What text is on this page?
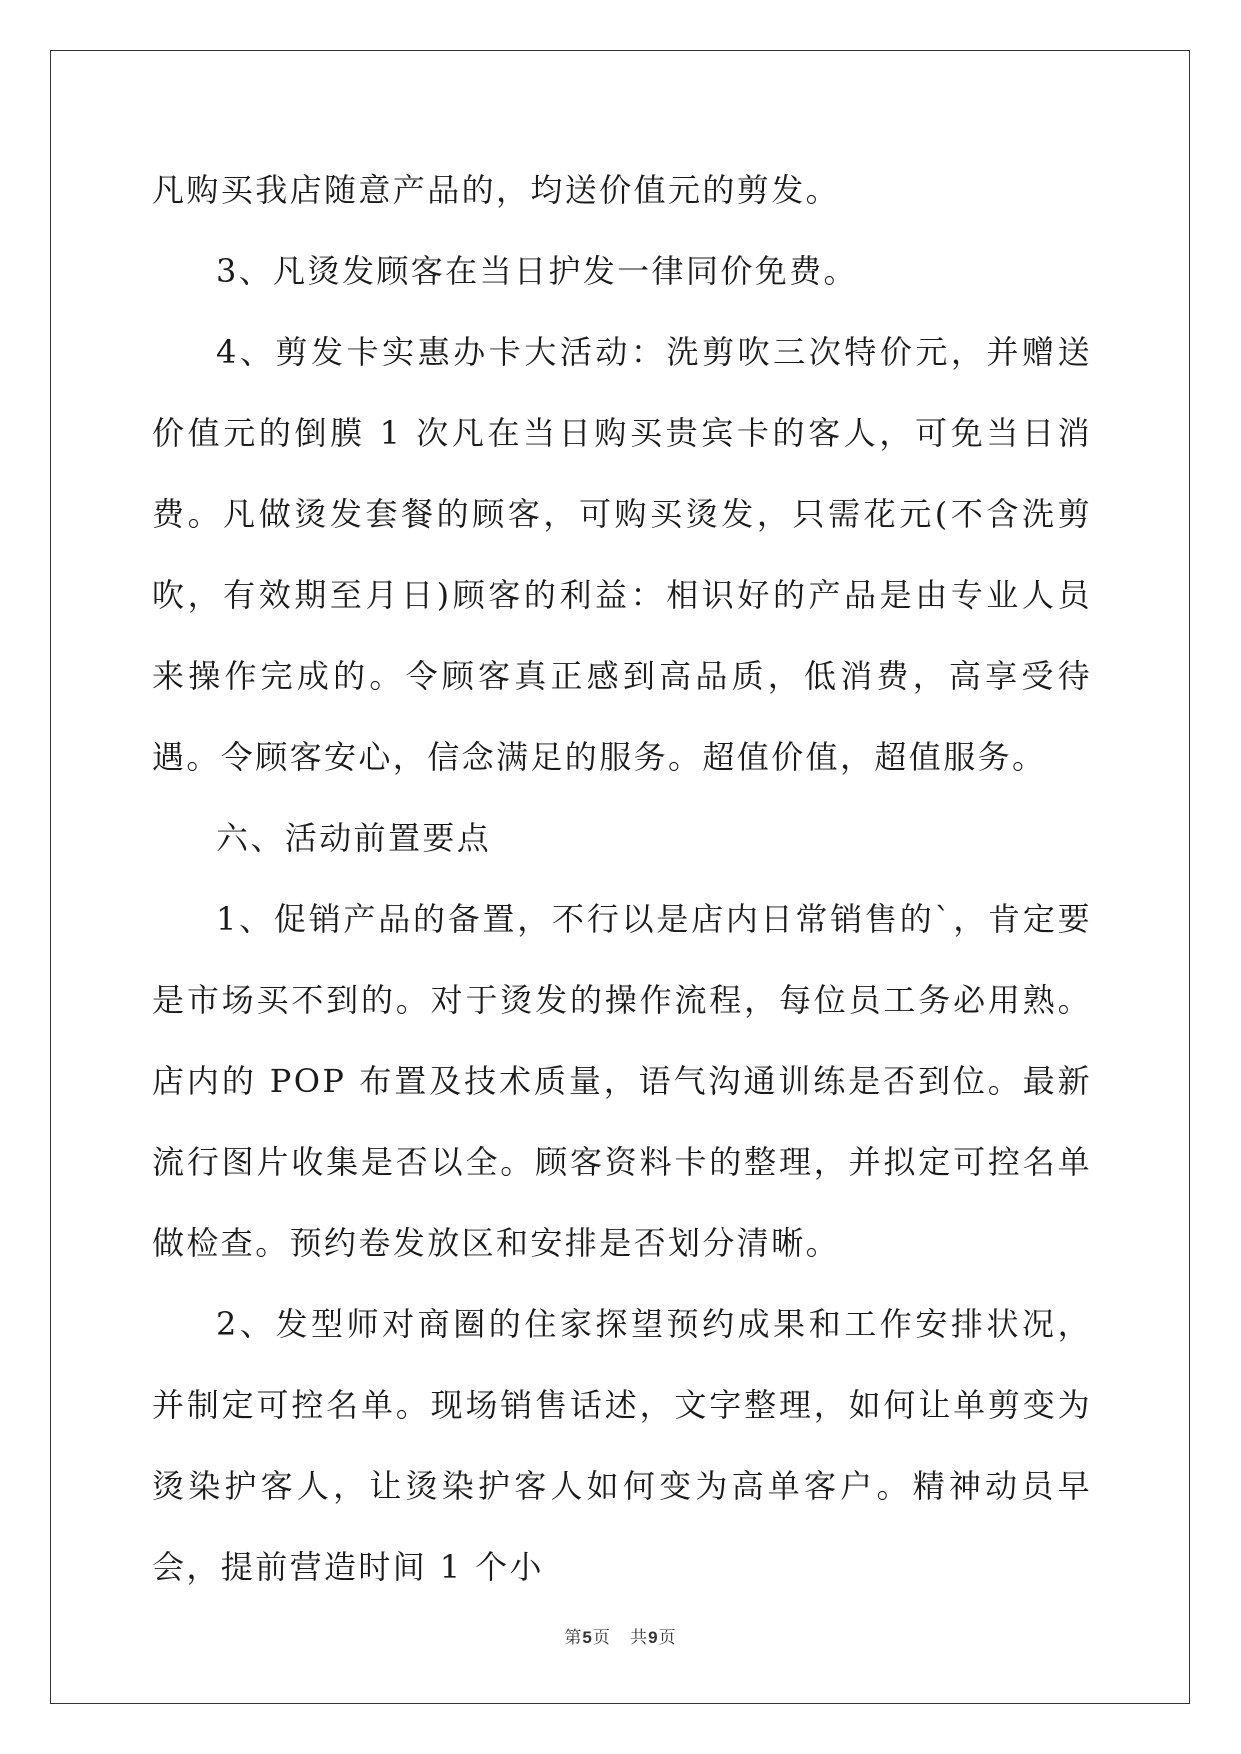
凡购买我店随意产品的，均送价值元的剪发。

3、凡烫发顾客在当日护发一律同价免费。

4、剪发卡实惠办卡大活动：洗剪吹三次特价元，并赠送价值元的倒膜 1 次凡在当日购买贵宾卡的客人，可免当日消费。凡做烫发套餐的顾客，可购买烫发，只需花元(不含洗剪吹，有效期至月日)顾客的利益：相识好的产品是由专业人员来操作完成的。令顾客真正感到高品质，低消费，高享受待遇。令顾客安心，信念满足的服务。超值价值，超值服务。

六、活动前置要点

1、促销产品的备置，不行以是店内日常销售的`，肯定要是市场买不到的。对于烫发的操作流程，每位员工务必用熟。店内的 POP 布置及技术质量，语气沟通训练是否到位。最新流行图片收集是否以全。顾客资料卡的整理，并拟定可控名单做检查。预约卷发放区和安排是否划分清晰。

2、发型师对商圈的住家探望预约成果和工作安排状况，并制定可控名单。现场销售话述，文字整理，如何让单剪变为烫染护客人，让烫染护客人如何变为高单客户。精神动员早会，提前营造时间 1 个小

第5页 共9页
